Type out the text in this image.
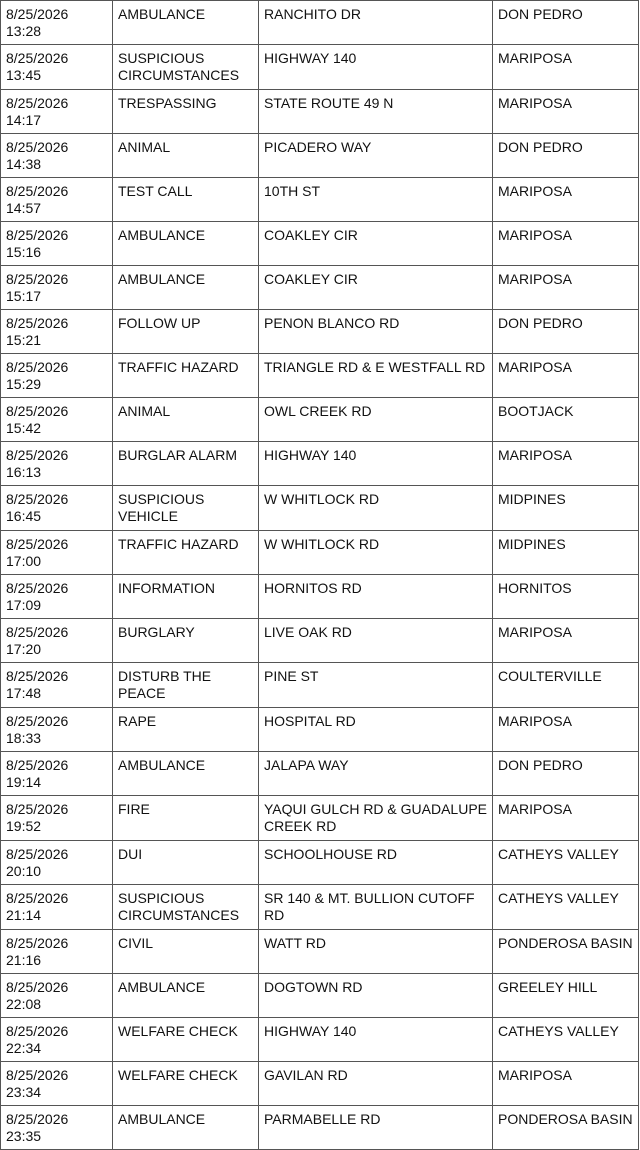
8/25/2026 13:28	AMBULANCE	RANCHITO DR	DON PEDRO
8/25/2026 13:45	SUSPICIOUS CIRCUMSTANCES	HIGHWAY 140	MARIPOSA
8/25/2026 14:17	TRESPASSING	STATE ROUTE 49 N	MARIPOSA
8/25/2026 14:38	ANIMAL	PICADERO WAY	DON PEDRO
8/25/2026 14:57	TEST CALL	10TH ST	MARIPOSA
8/25/2026 15:16	AMBULANCE	COAKLEY CIR	MARIPOSA
8/25/2026 15:17	AMBULANCE	COAKLEY CIR	MARIPOSA
8/25/2026 15:21	FOLLOW UP	PENON BLANCO RD	DON PEDRO
8/25/2026 15:29	TRAFFIC HAZARD	TRIANGLE RD & E WESTFALL RD	MARIPOSA
8/25/2026 15:42	ANIMAL	OWL CREEK RD	BOOTJACK
8/25/2026 16:13	BURGLAR ALARM	HIGHWAY 140	MARIPOSA
8/25/2026 16:45	SUSPICIOUS VEHICLE	W WHITLOCK RD	MIDPINES
8/25/2026 17:00	TRAFFIC HAZARD	W WHITLOCK RD	MIDPINES
8/25/2026 17:09	INFORMATION	HORNITOS RD	HORNITOS
8/25/2026 17:20	BURGLARY	LIVE OAK RD	MARIPOSA
8/25/2026 17:48	DISTURB THE PEACE	PINE ST	COULTERVILLE
8/25/2026 18:33	RAPE	HOSPITAL RD	MARIPOSA
8/25/2026 19:14	AMBULANCE	JALAPA WAY	DON PEDRO
8/25/2026 19:52	FIRE	YAQUI GULCH RD & GUADALUPE CREEK RD	MARIPOSA
8/25/2026 20:10	DUI	SCHOOLHOUSE RD	CATHEYS VALLEY
8/25/2026 21:14	SUSPICIOUS CIRCUMSTANCES	SR 140 & MT. BULLION CUTOFF RD	CATHEYS VALLEY
8/25/2026 21:16	CIVIL	WATT RD	PONDEROSA BASIN
8/25/2026 22:08	AMBULANCE	DOGTOWN RD	GREELEY HILL
8/25/2026 22:34	WELFARE CHECK	HIGHWAY 140	CATHEYS VALLEY
8/25/2026 23:34	WELFARE CHECK	GAVILAN RD	MARIPOSA
8/25/2026 23:35	AMBULANCE	PARMABELLE RD	PONDEROSA BASIN
